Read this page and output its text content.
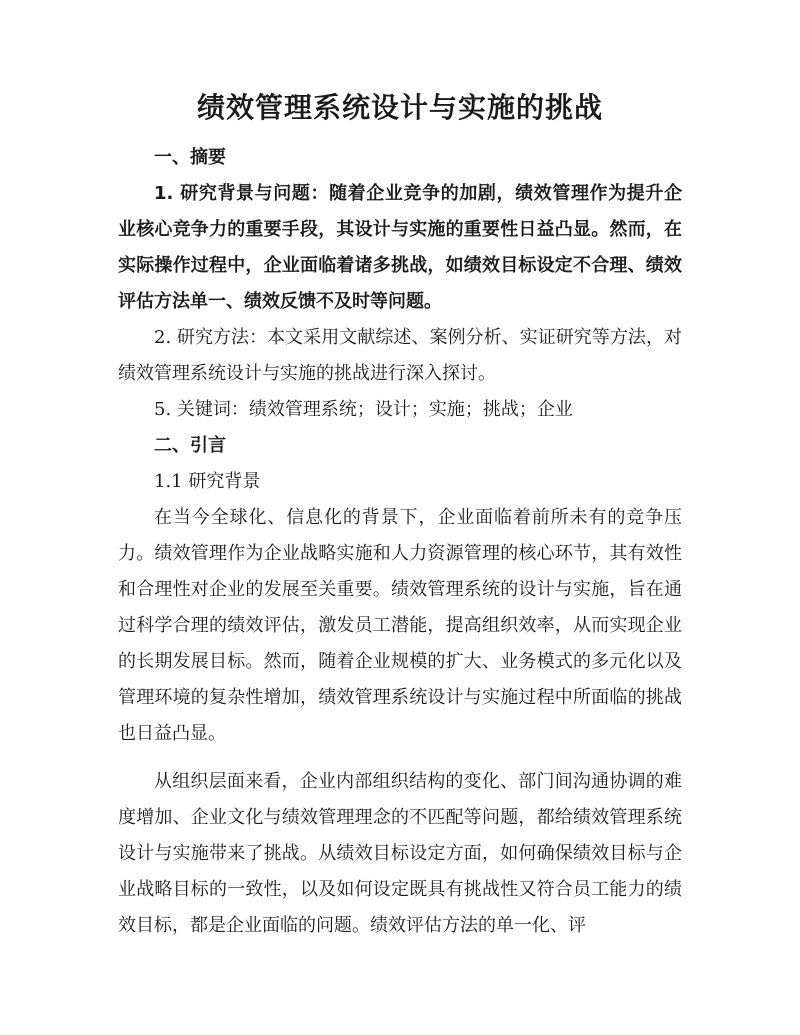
绩效管理系统设计与实施的挑战

一、摘要

1. 研究背景与问题：随着企业竞争的加剧，绩效管理作为提升企业核心竞争力的重要手段，其设计与实施的重要性日益凸显。然而，在实际操作过程中，企业面临着诸多挑战，如绩效目标设定不合理、绩效评估方法单一、绩效反馈不及时等问题。

2. 研究方法：本文采用文献综述、案例分析、实证研究等方法，对绩效管理系统设计与实施的挑战进行深入探讨。

5. 关键词：绩效管理系统；设计；实施；挑战；企业

二、引言

1.1 研究背景

在当今全球化、信息化的背景下，企业面临着前所未有的竞争压力。绩效管理作为企业战略实施和人力资源管理的核心环节，其有效性和合理性对企业的发展至关重要。绩效管理系统的设计与实施，旨在通过科学合理的绩效评估，激发员工潜能，提高组织效率，从而实现企业的长期发展目标。然而，随着企业规模的扩大、业务模式的多元化以及管理环境的复杂性增加，绩效管理系统设计与实施过程中所面临的挑战也日益凸显。

从组织层面来看，企业内部组织结构的变化、部门间沟通协调的难度增加、企业文化与绩效管理理念的不匹配等问题，都给绩效管理系统设计与实施带来了挑战。从绩效目标设定方面，如何确保绩效目标与企业战略目标的一致性，以及如何设定既具有挑战性又符合员工能力的绩效目标，都是企业面临的问题。绩效评估方法的单一化、评
